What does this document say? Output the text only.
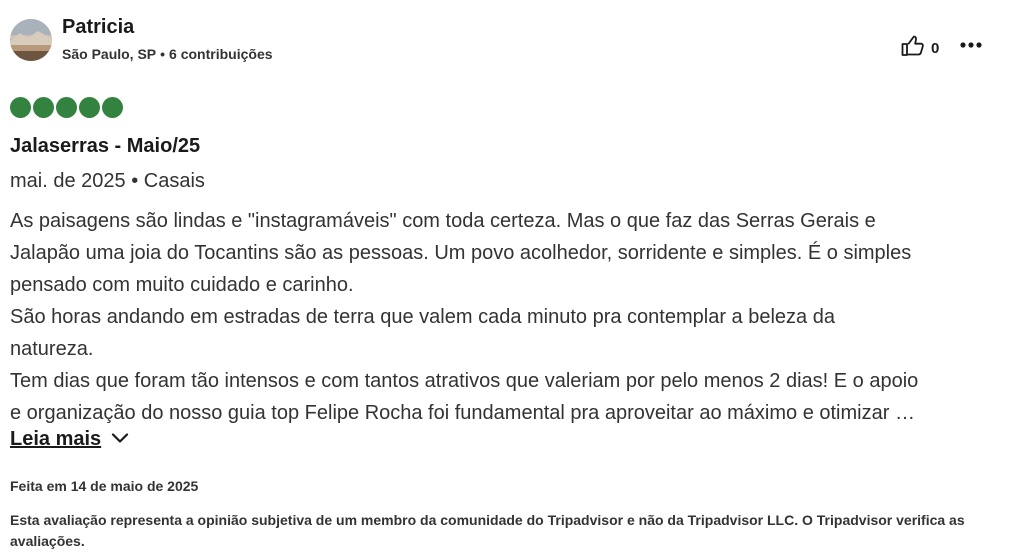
Patricia
São Paulo, SP • 6 contribuições	0
Jalaserras - Maio/25
mai. de 2025 • Casais

As paisagens são lindas e "instagramáveis" com toda certeza. Mas o que faz das Serras Gerais e

Jalapão uma joia do Tocantins são as pessoas. Um povo acolhedor, sorridente e simples. É o simples

pensado com muito cuidado e carinho.

São horas andando em estradas de terra que valem cada minuto pra contemplar a beleza da

natureza.

Tem dias que foram tão intensos e com tantos atrativos que valeriam por pelo menos 2 dias! E o apoio

e organização do nosso guia top Felipe Rocha foi fundamental pra aproveitar ao máximo e otimizar …

Leia mais
Feita em 14 de maio de 2025
Esta avaliação representa a opinião subjetiva de um membro da comunidade do Tripadvisor e não da Tripadvisor LLC. O Tripadvisor verifica as avaliações.
